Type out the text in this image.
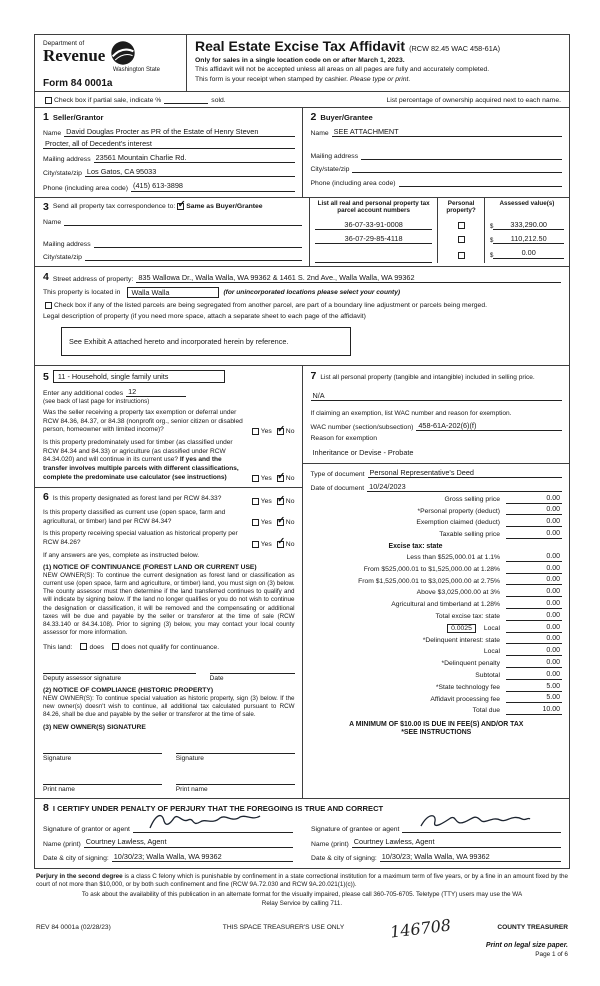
Department of
Revenue
Washington State
Form 84 0001a
Real Estate Excise Tax Affidavit (RCW 82.45 WAC 458-61A)
Only for sales in a single location code on or after March 1, 2023.
This affidavit will not be accepted unless all areas on all pages are fully and accurately completed.
This form is your receipt when stamped by cashier. Please type or print.
Check box if partial sale, indicate %	sold.	List percentage of ownership acquired next to each name.
1 Seller/Grantor
Name David Douglas Procter as PR of the Estate of Henry Steven
Procter, all of Decedent's interest
Mailing address 23561 Mountain Charlie Rd.
City/state/zip Los Gatos, CA 95033
Phone (including area code) (415) 613-3898
2 Buyer/Grantee
Name SEE ATTACHMENT
Mailing address
City/state/zip
Phone (including area code)
3 Send all property tax correspondence to: ✓ Same as Buyer/Grantee
Name
Mailing address
City/state/zip
List all real and personal property tax parcel account numbers
Personal property?
Assessed value(s)
36-07-33-91-0008	$	333,290.00
36-07-29-85-4118	$	110,212.50
$	0.00
4 Street address of property: 835 Wallowa Dr., Walla Walla, WA 99362 & 1461 S. 2nd Ave., Walla Walla, WA 99362
This property is located in	Walla Walla	(for unincorporated locations please select your county)
Check box if any of the listed parcels are being segregated from another parcel, are part of a boundary line adjustment or parcels being merged.
Legal description of property (if you need more space, attach a separate sheet to each page of the affidavit)
See Exhibit A attached hereto and incorporated herein by reference.
5	11 - Household, single family units
Enter any additional codes 12
(see back of last page for instructions)
Was the seller receiving a property tax exemption or deferral under RCW 84.36, 84.37, or 84.38 (nonprofit org., senior citizen or disabled person, homeowner with limited income)?	Yes ✓ No
Is this property predominately used for timber (as classified under RCW 84.34 and 84.33) or agriculture (as classified under RCW 84.34.020) and will continue in its current use? If yes and the transfer involves multiple parcels with different classifications, complete the predominate use calculator (see instructions)	Yes ✓ No
6 Is this property designated as forest land per RCW 84.33?	Yes ✓ No
Is this property classified as current use (open space, farm and agricultural, or timber) land per RCW 84.34?	Yes ✓ No
Is this property receiving special valuation as historical property per RCW 84.26?	Yes ✓ No
If any answers are yes, complete as instructed below.
(1) NOTICE OF CONTINUANCE (FOREST LAND OR CURRENT USE)
NEW OWNER(S): To continue the current designation as forest land or classification as current use (open space, farm and agriculture, or timber) land, you must sign on (3) below. The county assessor must then determine if the land transferred continues to qualify and will indicate by signing below. If the land no longer qualifies or you do not wish to continue the designation or classification, it will be removed and the compensating or additional taxes will be due and payable by the seller or transferor at the time of sale (RCW 84.33.140 or 84.34.108). Prior to signing (3) below, you may contact your local county assessor for more information.
This land:	does	does not qualify for continuance.
Deputy assessor signature	Date
(2) NOTICE OF COMPLIANCE (HISTORIC PROPERTY)
NEW OWNER(S): To continue special valuation as historic property, sign (3) below. If the new owner(s) doesn't wish to continue, all additional tax calculated pursuant to RCW 84.26, shall be due and payable by the seller or transferor at the time of sale.
(3) NEW OWNER(S) SIGNATURE
Signature	Signature
Print name	Print name
7 List all personal property (tangible and intangible) included in selling price.
N/A
If claiming an exemption, list WAC number and reason for exemption.
WAC number (section/subsection) 458-61A-202(6)(f)
Reason for exemption
Inheritance or Devise - Probate
Type of document Personal Representative's Deed
Date of document 10/24/2023
Gross selling price	0.00
*Personal property (deduct)	0.00
Exemption claimed (deduct)	0.00
Taxable selling price	0.00
Excise tax: state
Less than $525,000.01 at 1.1%	0.00
From $525,000.01 to $1,525,000.00 at 1.28%	0.00
From $1,525,000.01 to $3,025,000.00 at 2.75%	0.00
Above $3,025,000.00 at 3%	0.00
Agricultural and timberland at 1.28%	0.00
Total excise tax: state	0.00
0.0025	Local	0.00
*Delinquent interest: state	0.00
Local	0.00
*Delinquent penalty	0.00
Subtotal	0.00
*State technology fee	5.00
Affidavit processing fee	5.00
Total due	10.00
A MINIMUM OF $10.00 IS DUE IN FEE(S) AND/OR TAX
*SEE INSTRUCTIONS
8 I CERTIFY UNDER PENALTY OF PERJURY THAT THE FOREGOING IS TRUE AND CORRECT
Signature of grantor or agent
Name (print) Courtney Lawless, Agent
Date & city of signing: 10/30/23; Walla Walla, WA 99362
Signature of grantee or agent
Name (print) Courtney Lawless, Agent
Date & city of signing: 10/30/23; Walla Walla, WA 99362
Perjury in the second degree is a class C felony which is punishable by confinement in a state correctional institution for a maximum term of five years, or by a fine in an amount fixed by the court of not more than $10,000, or by both such confinement and fine (RCW 9A.72.030 and RCW 9A.20.021(1)(c)).
To ask about the availability of this publication in an alternate format for the visually impaired, please call 360-705-6705. Teletype (TTY) users may use the WA Relay Service by calling 711.
REV 84 0001a (02/28/23)	THIS SPACE TREASURER'S USE ONLY	146708	COUNTY TREASURER
Print on legal size paper.
Page 1 of 6
